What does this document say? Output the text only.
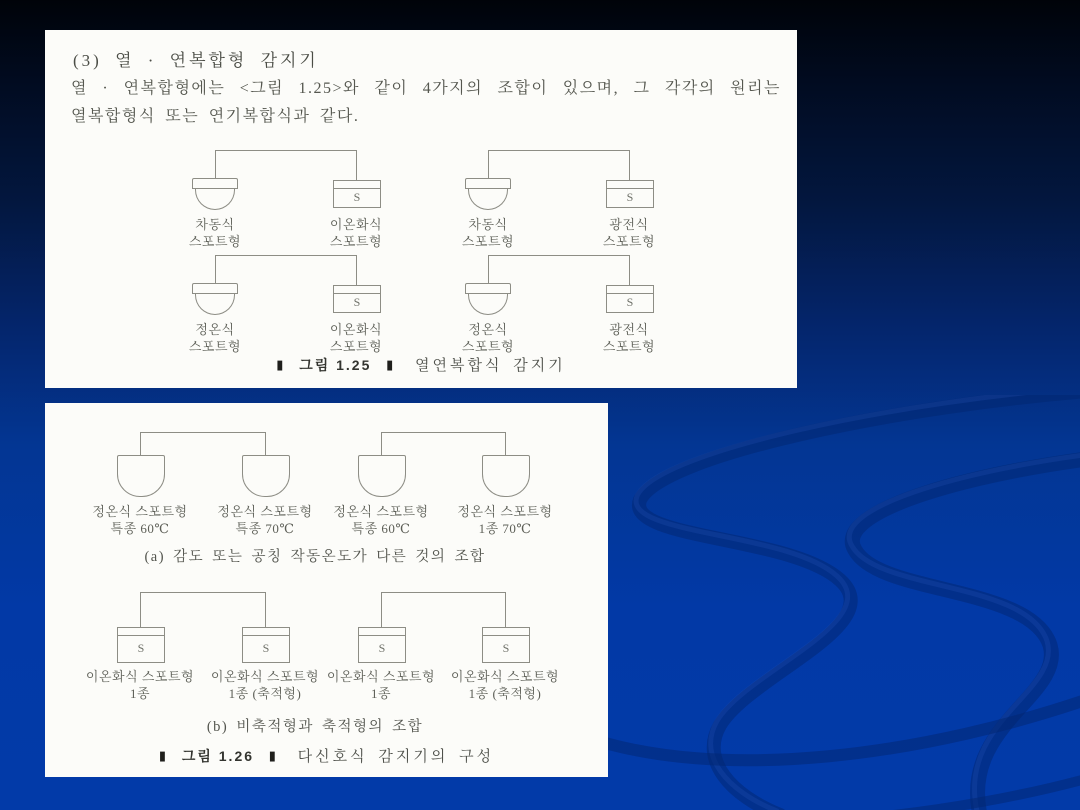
(3) 열 · 연복합형 감지기

열 · 연복합형에는 <그림 1.25>와 같이 4가지의 조합이 있으며, 그 각각의 원리는

열복합형식 또는 연기복합식과 같다.

S
차동식
스포트형
이온화식
스포트형
S
차동식
스포트형
광전식
스포트형
S
정온식
스포트형
이온화식
스포트형
S
정온식
스포트형
광전식
스포트형
▮ 그림 1.25 ▮ 열연복합식 감지기
정온식 스포트형
특종 60℃
정온식 스포트형
특종 70℃
정온식 스포트형
특종 60℃
정온식 스포트형
1종 70℃
(a) 감도 또는 공칭 작동온도가 다른 것의 조합
S	S
이온화식 스포트형
1종
이온화식 스포트형
1종 (축적형)
S	S
이온화식 스포트형
1종
이온화식 스포트형
1종 (축적형)
(b) 비축적형과 축적형의 조합
▮ 그림 1.26 ▮ 다신호식 감지기의 구성
